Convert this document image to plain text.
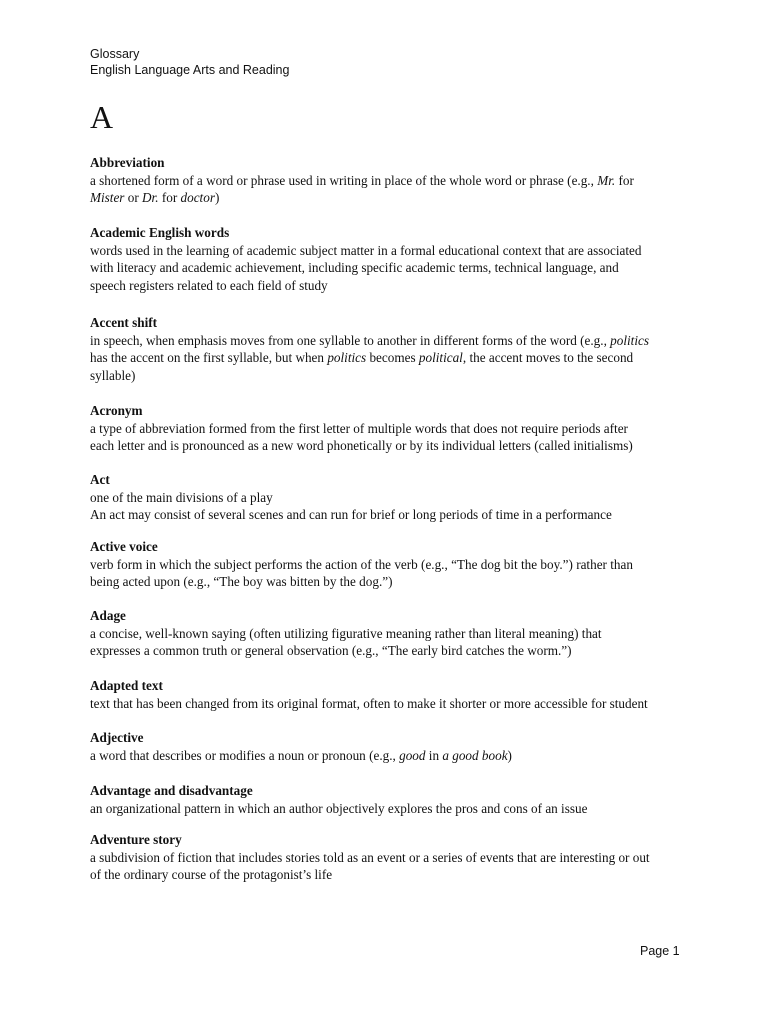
Glossary
English Language Arts and Reading
A
Abbreviation
a shortened form of a word or phrase used in writing in place of the whole word or phrase (e.g., Mr. for
Mister or Dr. for doctor)
Academic English words
words used in the learning of academic subject matter in a formal educational context that are associated
with literacy and academic achievement, including specific academic terms, technical language, and
speech registers related to each field of study
Accent shift
in speech, when emphasis moves from one syllable to another in different forms of the word (e.g., politics
has the accent on the first syllable, but when politics becomes political, the accent moves to the second
syllable)
Acronym
a type of abbreviation formed from the first letter of multiple words that does not require periods after
each letter and is pronounced as a new word phonetically or by its individual letters (called initialisms)
Act
one of the main divisions of a play
An act may consist of several scenes and can run for brief or long periods of time in a performance
Active voice
verb form in which the subject performs the action of the verb (e.g., “The dog bit the boy.”) rather than
being acted upon (e.g., “The boy was bitten by the dog.”)
Adage
a concise, well-known saying (often utilizing figurative meaning rather than literal meaning) that
expresses a common truth or general observation (e.g., “The early bird catches the worm.”)
Adapted text
text that has been changed from its original format, often to make it shorter or more accessible for student
Adjective
a word that describes or modifies a noun or pronoun (e.g., good in a good book)
Advantage and disadvantage
an organizational pattern in which an author objectively explores the pros and cons of an issue
Adventure story
a subdivision of fiction that includes stories told as an event or a series of events that are interesting or out
of the ordinary course of the protagonist’s life
Page 1
